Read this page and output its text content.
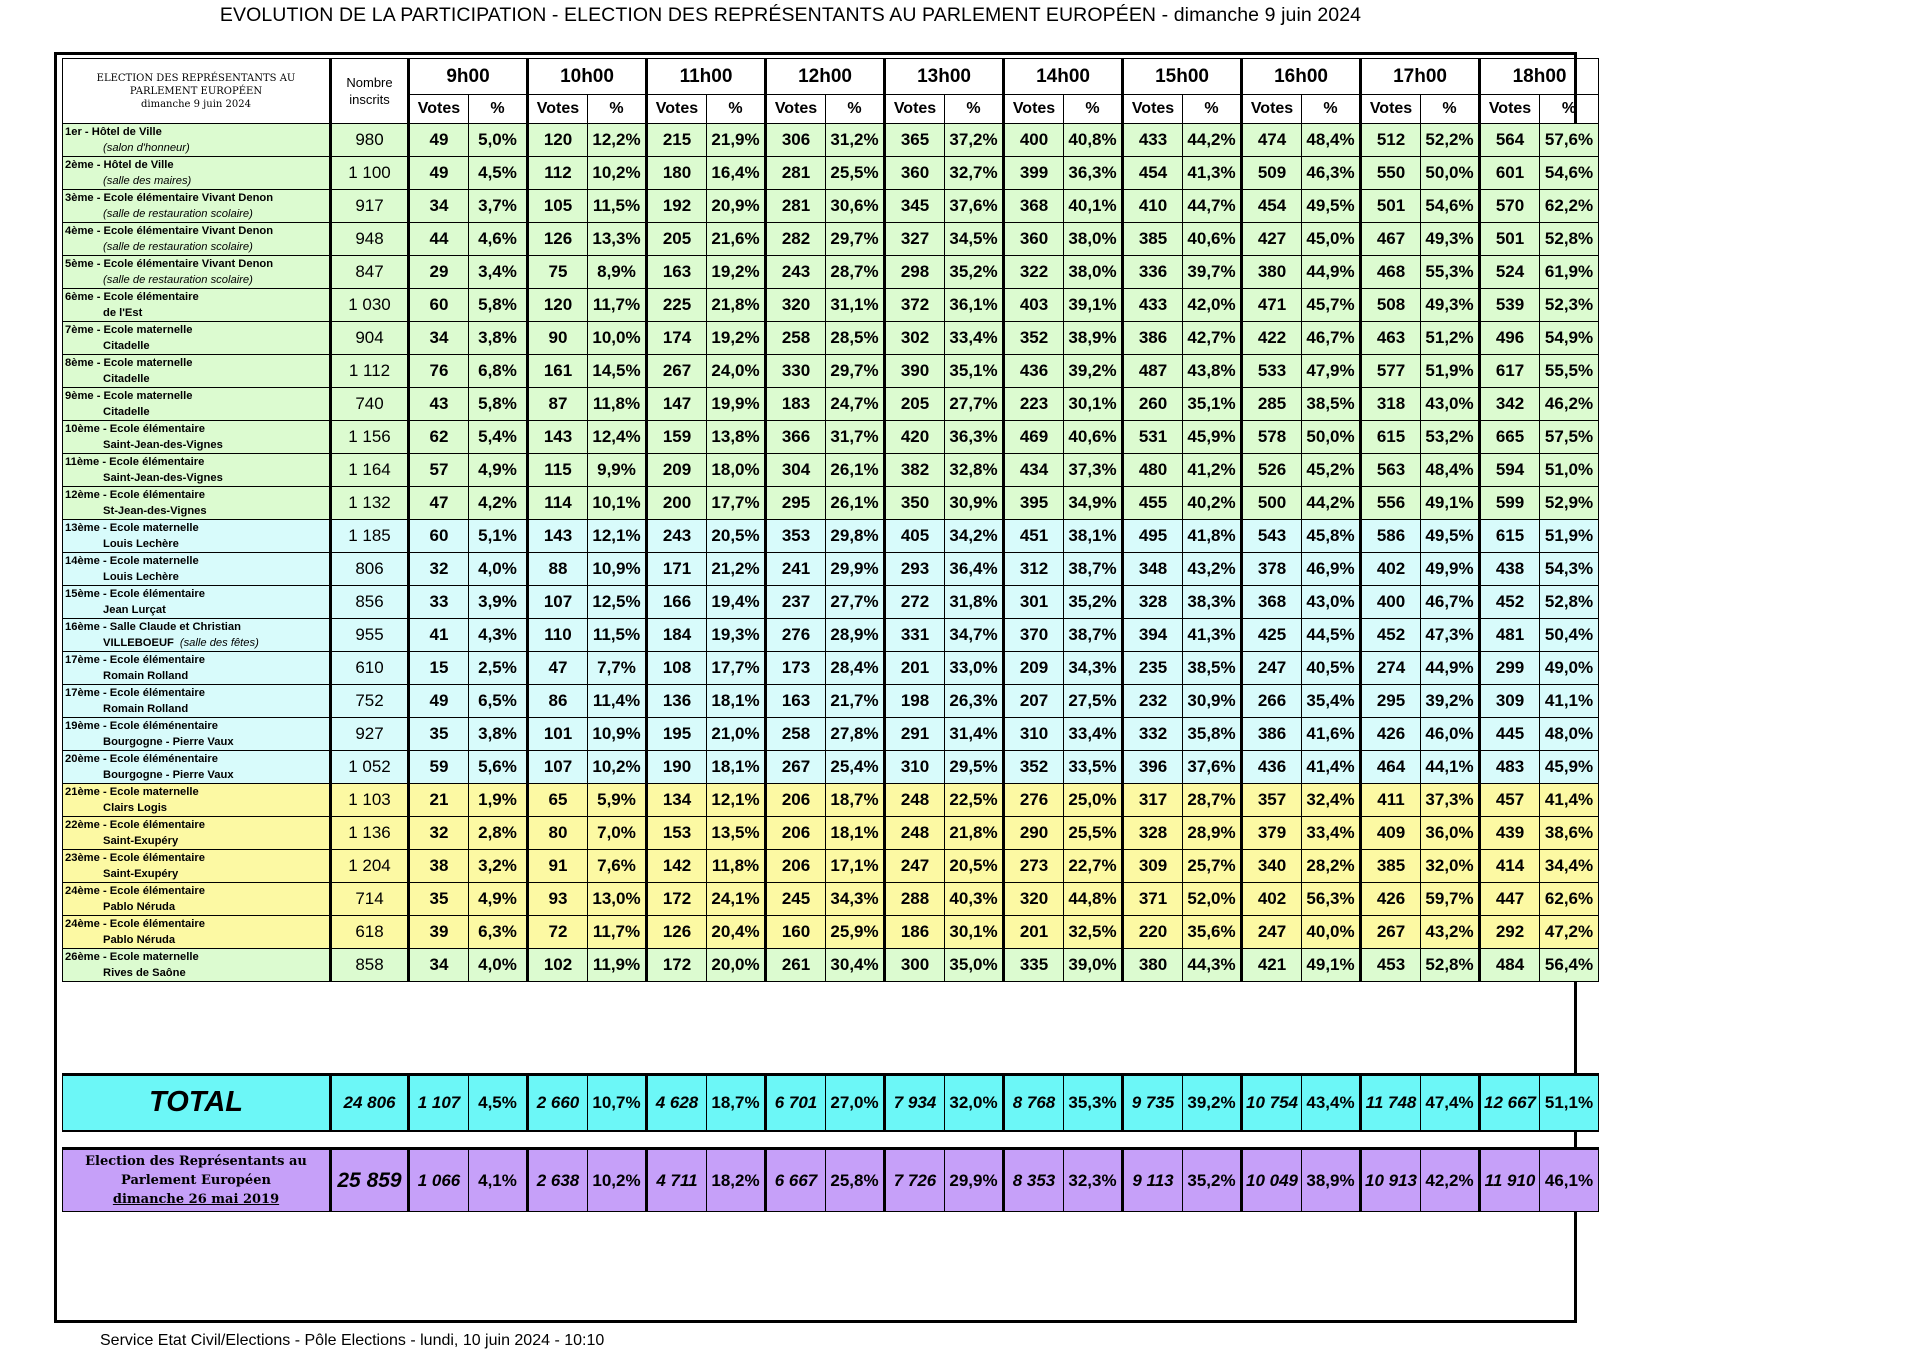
EVOLUTION DE LA PARTICIPATION - ELECTION DES REPRÉSENTANTS AU PARLEMENT EUROPÉEN - dimanche 9 juin 2024
ELECTION DES REPRÉSENTANTS AU PARLEMENT EUROPÉEN
dimanche 9 juin 2024	Nombre inscrits	9h00		10h00		11h00		12h00		13h00		14h00		15h00		16h00		17h00		18h00	
		Votes	%	Votes	%	Votes	%	Votes	%	Votes	%	Votes	%	Votes	%	Votes	%	Votes	%	Votes	%

1er - Hôtel de Ville
(salon d'honneur)	980	49	5,0%	120	12,2%	215	21,9%	306	31,2%	365	37,2%	400	40,8%	433	44,2%	474	48,4%	512	52,2%	564	57,6%

2ème - Hôtel de Ville
(salle des maires)	1 100	49	4,5%	112	10,2%	180	16,4%	281	25,5%	360	32,7%	399	36,3%	454	41,3%	509	46,3%	550	50,0%	601	54,6%

3ème - Ecole élémentaire Vivant Denon
(salle de restauration scolaire)	917	34	3,7%	105	11,5%	192	20,9%	281	30,6%	345	37,6%	368	40,1%	410	44,7%	454	49,5%	501	54,6%	570	62,2%

4ème - Ecole élémentaire Vivant Denon
(salle de restauration scolaire)	948	44	4,6%	126	13,3%	205	21,6%	282	29,7%	327	34,5%	360	38,0%	385	40,6%	427	45,0%	467	49,3%	501	52,8%

5ème - Ecole élémentaire Vivant Denon
(salle de restauration scolaire)	847	29	3,4%	75	8,9%	163	19,2%	243	28,7%	298	35,2%	322	38,0%	336	39,7%	380	44,9%	468	55,3%	524	61,9%

6ème - Ecole élémentaire
de l'Est	1 030	60	5,8%	120	11,7%	225	21,8%	320	31,1%	372	36,1%	403	39,1%	433	42,0%	471	45,7%	508	49,3%	539	52,3%

7ème - Ecole maternelle
Citadelle	904	34	3,8%	90	10,0%	174	19,2%	258	28,5%	302	33,4%	352	38,9%	386	42,7%	422	46,7%	463	51,2%	496	54,9%

8ème - Ecole maternelle
Citadelle	1 112	76	6,8%	161	14,5%	267	24,0%	330	29,7%	390	35,1%	436	39,2%	487	43,8%	533	47,9%	577	51,9%	617	55,5%

9ème - Ecole maternelle
Citadelle	740	43	5,8%	87	11,8%	147	19,9%	183	24,7%	205	27,7%	223	30,1%	260	35,1%	285	38,5%	318	43,0%	342	46,2%

10ème - Ecole élémentaire
Saint-Jean-des-Vignes	1 156	62	5,4%	143	12,4%	159	13,8%	366	31,7%	420	36,3%	469	40,6%	531	45,9%	578	50,0%	615	53,2%	665	57,5%

11ème - Ecole élémentaire
Saint-Jean-des-Vignes	1 164	57	4,9%	115	9,9%	209	18,0%	304	26,1%	382	32,8%	434	37,3%	480	41,2%	526	45,2%	563	48,4%	594	51,0%

12ème - Ecole élémentaire
St-Jean-des-Vignes	1 132	47	4,2%	114	10,1%	200	17,7%	295	26,1%	350	30,9%	395	34,9%	455	40,2%	500	44,2%	556	49,1%	599	52,9%

13ème - Ecole maternelle
Louis Lechère	1 185	60	5,1%	143	12,1%	243	20,5%	353	29,8%	405	34,2%	451	38,1%	495	41,8%	543	45,8%	586	49,5%	615	51,9%

14ème - Ecole maternelle
Louis Lechère	806	32	4,0%	88	10,9%	171	21,2%	241	29,9%	293	36,4%	312	38,7%	348	43,2%	378	46,9%	402	49,9%	438	54,3%

15ème - Ecole élémentaire
Jean Lurçat	856	33	3,9%	107	12,5%	166	19,4%	237	27,7%	272	31,8%	301	35,2%	328	38,3%	368	43,0%	400	46,7%	452	52,8%

16ème - Salle Claude et Christian
VILLEBOEUF (salle des fêtes)	955	41	4,3%	110	11,5%	184	19,3%	276	28,9%	331	34,7%	370	38,7%	394	41,3%	425	44,5%	452	47,3%	481	50,4%

17ème - Ecole élémentaire
Romain Rolland	610	15	2,5%	47	7,7%	108	17,7%	173	28,4%	201	33,0%	209	34,3%	235	38,5%	247	40,5%	274	44,9%	299	49,0%

17ème - Ecole élémentaire
Romain Rolland	752	49	6,5%	86	11,4%	136	18,1%	163	21,7%	198	26,3%	207	27,5%	232	30,9%	266	35,4%	295	39,2%	309	41,1%

19ème - Ecole éléménentaire
Bourgogne - Pierre Vaux	927	35	3,8%	101	10,9%	195	21,0%	258	27,8%	291	31,4%	310	33,4%	332	35,8%	386	41,6%	426	46,0%	445	48,0%

20ème - Ecole éléménentaire
Bourgogne - Pierre Vaux	1 052	59	5,6%	107	10,2%	190	18,1%	267	25,4%	310	29,5%	352	33,5%	396	37,6%	436	41,4%	464	44,1%	483	45,9%

21ème - Ecole maternelle
Clairs Logis	1 103	21	1,9%	65	5,9%	134	12,1%	206	18,7%	248	22,5%	276	25,0%	317	28,7%	357	32,4%	411	37,3%	457	41,4%

22ème - Ecole élémentaire
Saint-Exupéry	1 136	32	2,8%	80	7,0%	153	13,5%	206	18,1%	248	21,8%	290	25,5%	328	28,9%	379	33,4%	409	36,0%	439	38,6%

23ème - Ecole élémentaire
Saint-Exupéry	1 204	38	3,2%	91	7,6%	142	11,8%	206	17,1%	247	20,5%	273	22,7%	309	25,7%	340	28,2%	385	32,0%	414	34,4%

24ème - Ecole élémentaire
Pablo Néruda	714	35	4,9%	93	13,0%	172	24,1%	245	34,3%	288	40,3%	320	44,8%	371	52,0%	402	56,3%	426	59,7%	447	62,6%

24ème - Ecole élémentaire
Pablo Néruda	618	39	6,3%	72	11,7%	126	20,4%	160	25,9%	186	30,1%	201	32,5%	220	35,6%	247	40,0%	267	43,2%	292	47,2%

26ème - Ecole maternelle
Rives de Saône	858	34	4,0%	102	11,9%	172	20,0%	261	30,4%	300	35,0%	335	39,0%	380	44,3%	421	49,1%	453	52,8%	484	56,4%
TOTAL	24 806	1 107	4,5%	2 660	10,7%	4 628	18,7%	6 701	27,0%	7 934	32,0%	8 768	35,3%	9 735	39,2%	10 754	43,4%	11 748	47,4%	12 667	51,1%
Election des Représentants au Parlement Européen
dimanche 26 mai 2019	25 859	1 066	4,1%	2 638	10,2%	4 711	18,2%	6 667	25,8%	7 726	29,9%	8 353	32,3%	9 113	35,2%	10 049	38,9%	10 913	42,2%	11 910	46,1%
Service Etat Civil/Elections - Pôle Elections - lundi, 10 juin 2024 - 10:10
